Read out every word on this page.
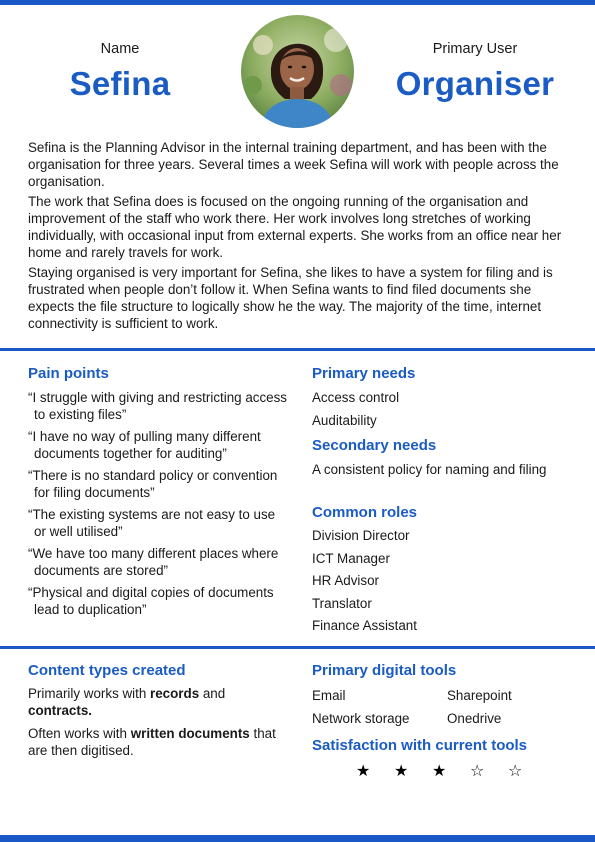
Name
Sefina
Primary User
Organiser

Sefina is the Planning Advisor in the internal training department, and has been with the organisation for three years. Several times a week Sefina will work with people across the organisation.

The work that Sefina does is focused on the ongoing running of the organisation and improvement of the staff who work there. Her work involves long stretches of working individually, with occasional input from external experts. She works from an office near her home and rarely travels for work.

Staying organised is very important for Sefina, she likes to have a system for filing and is frustrated when people don’t follow it. When Sefina wants to find filed documents she expects the file structure to logically show he the way. The majority of the time, internet connectivity is sufficient to work.

Pain points
“I struggle with giving and restricting access to existing files”
“I have no way of pulling many different documents together for auditing”
“There is no standard policy or convention for filing documents”
“The existing systems are not easy to use or well utilised”
“We have too many different places where documents are stored”
“Physical and digital copies of documents lead to duplication”
Primary needs
Access control
Auditability
Secondary needs

A consistent policy for naming and filing

Common roles
Division Director
ICT Manager
HR Advisor
Translator
Finance Assistant
Content types created

Primarily works with records and contracts.

Often works with written documents that are then digitised.

Primary digital tools
Email	Sharepoint
Network storage	Onedrive
Satisfaction with current tools
★ ★ ★ ☆ ☆
